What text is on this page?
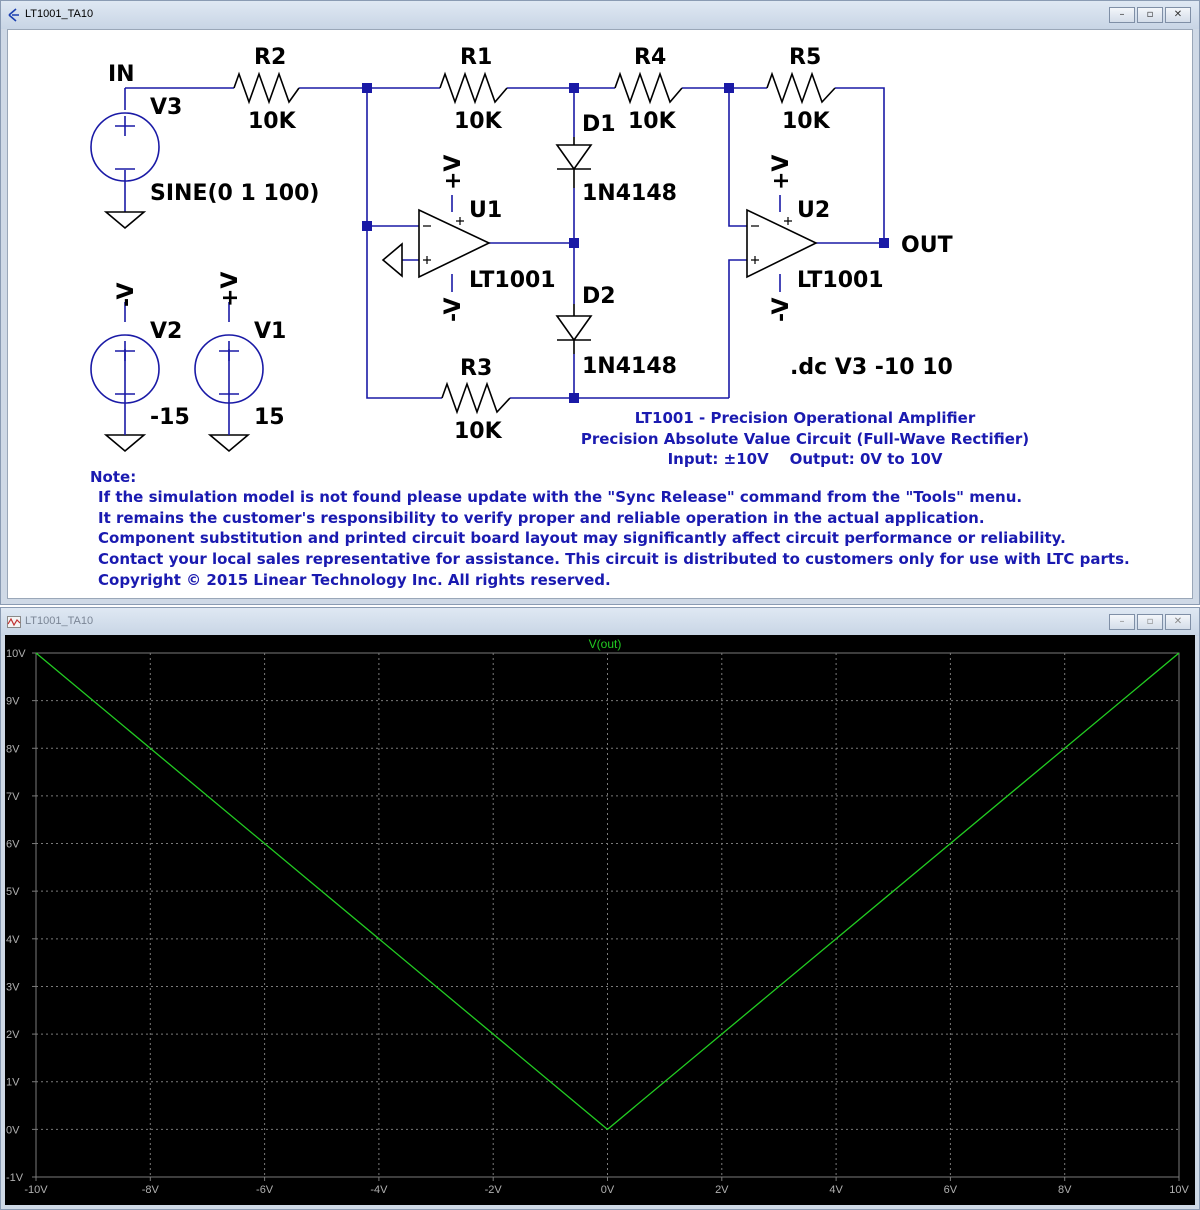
LT1001_TA10	–	▫	✕
IN
V3
SINE(0 1 100)
R2
10K
R1
10K
R4
10K
R5
10K
R3
10K
D1
1N4148
D2
1N4148
U1
LT1001
U2
LT1001
OUT
V2
-15
V1
15
+V
-V
+V
-V
-V	+V
.dc V3 -10 10
LT1001 - Precision Operational Amplifier
Precision Absolute Value Circuit (Full-Wave Rectifier)
Input: ±10V    Output: 0V to 10V
Note:
If the simulation model is not found please update with the "Sync Release" command from the "Tools" menu.
It remains the customer's responsibility to verify proper and reliable operation in the actual application.
Component substitution and printed circuit board layout may significantly affect circuit performance or reliability.
Contact your local sales representative for assistance. This circuit is distributed to customers only for use with LTC parts.
Copyright © 2015 Linear Technology Inc. All rights reserved.
LT1001_TA10	–	▫	✕
-10V	-8V	-6V	-4V	-2V	0V	2V	4V	6V	8V	10V
-1V
0V
1V
2V
3V
4V
5V
6V
7V
8V
9V
10V
V(out)
